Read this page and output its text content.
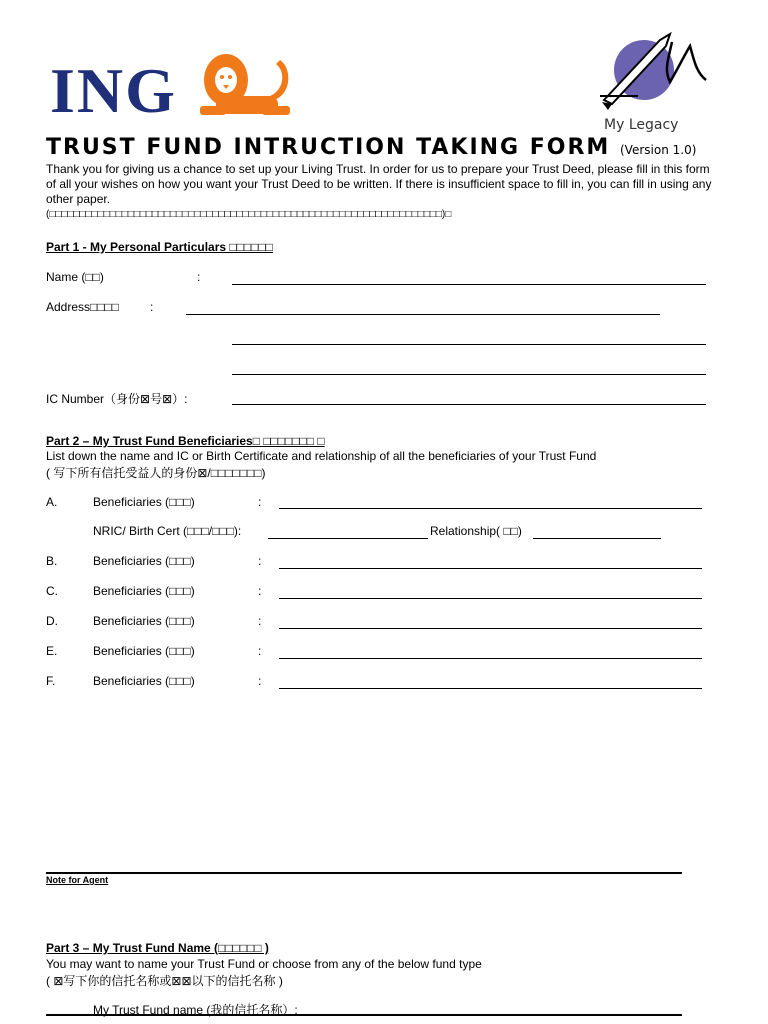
ING	My Legacy
TRUST FUND INTRUCTION TAKING FORM (Version 1.0)
Thank you for giving us a chance to set up your Living Trust. In order for us to prepare your Trust Deed, please fill in this form of all your wishes on how you want your Trust Deed to be written. If there is insufficient space to fill in, you can fill in using any other paper.
(□□□□□□□□□□□□□□□□□□□□□□□□□□□□□□□□□□□□□□□□□□□□□□□□□□□□□□□□□□□□□□□□□)□
Part 1 - My Personal Particulars □□□□□□
Name (□□)	:
Address□□□□	:
IC Number（身份⊠号⊠）:
Part 2 – My Trust Fund Beneficiaries□ □□□□□□□ □
List down the name and IC or Birth Certificate and relationship of all the beneficiaries of your Trust Fund
( 写下所有信托受益人的身份⊠/□□□□□□□)
A.	Beneficiaries (□□□)	:
NRIC/ Birth Cert (□□□/□□□):	Relationship( □□)
B.	Beneficiaries (□□□)	:
C.	Beneficiaries (□□□)	:
D.	Beneficiaries (□□□)	:
E.	Beneficiaries (□□□)	:
F.	Beneficiaries (□□□)	:
Note for Agent
Part 3 – My Trust Fund Name (□□□□□□ )
You may want to name your Trust Fund or choose from any of the below fund type
( ⊠写下你的信托名称或⊠⊠以下的信托名称 )
My Trust Fund name (我的信托名称）:
